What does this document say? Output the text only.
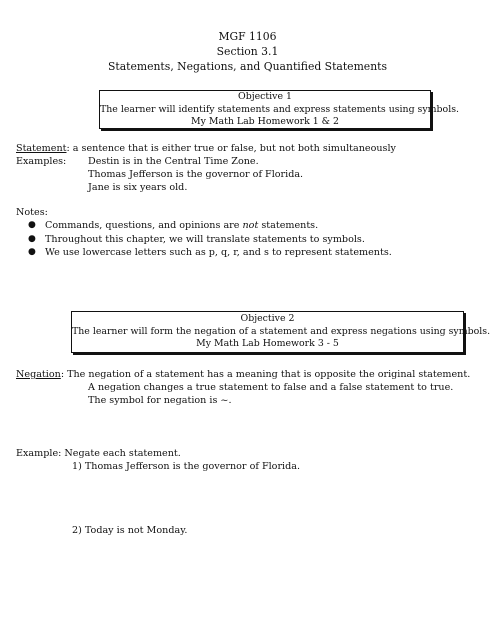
MGF 1106
Section 3.1
Statements, Negations, and Quantified Statements
Objective 1
The learner will identify statements and express statements using symbols.
My Math Lab Homework 1 & 2
Statement: a sentence that is either true or false, but not both simultaneously
Examples: Destin is in the Central Time Zone.
Thomas Jefferson is the governor of Florida.
Jane is six years old.
Notes:
● Commands, questions, and opinions are not statements.
● Throughout this chapter, we will translate statements to symbols.
● We use lowercase letters such as p, q, r, and s to represent statements.
Objective 2
The learner will form the negation of a statement and express negations using symbols.
My Math Lab Homework 3 - 5
Negation: The negation of a statement has a meaning that is opposite the original statement.
A negation changes a true statement to false and a false statement to true.
The symbol for negation is ~.
Example: Negate each statement.
1) Thomas Jefferson is the governor of Florida.
2) Today is not Monday.
